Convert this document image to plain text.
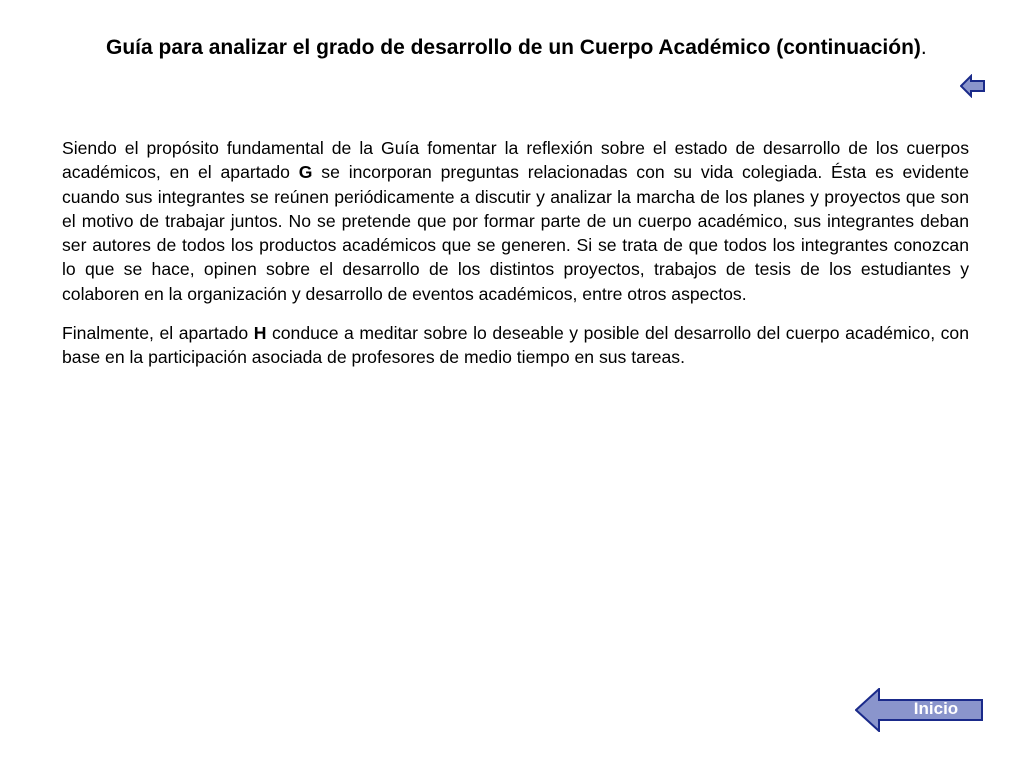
Guía para analizar el grado de desarrollo de un Cuerpo Académico (continuación).

Siendo el propósito fundamental de la Guía fomentar la reflexión sobre el estado de desarrollo de los cuerpos académicos, en el apartado G se incorporan preguntas relacionadas con su vida colegiada. Ésta es evidente cuando sus integrantes se reúnen periódicamente a discutir y analizar la marcha de los planes y proyectos que son el motivo de trabajar juntos. No se pretende que por formar parte de un cuerpo académico, sus integrantes deban ser autores de todos los productos académicos que se generen. Si se trata de que todos los integrantes conozcan lo que se hace, opinen sobre el desarrollo de los distintos proyectos, trabajos de tesis de los estudiantes y colaboren en la organización y desarrollo de eventos académicos, entre otros aspectos.

Finalmente, el apartado H conduce a meditar sobre lo deseable y posible del desarrollo del cuerpo académico, con base en la participación asociada de profesores de medio tiempo en sus tareas.

Inicio
